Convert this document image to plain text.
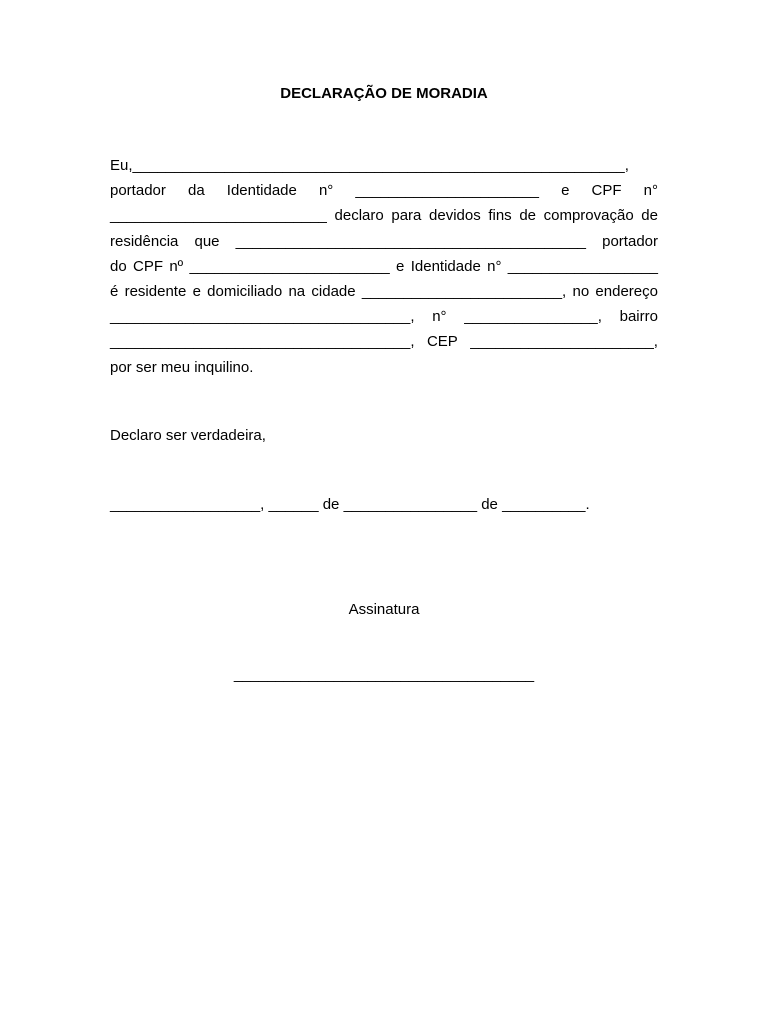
DECLARAÇÃO DE MORADIA
Eu,___________________________________________________________,
portador da Identidade n° ______________________ e CPF n°
__________________________ declaro para devidos fins de comprovação de
residência que __________________________________________ portador
do CPF nº ________________________ e Identidade n° __________________
é residente e domiciliado na cidade ________________________, no endereço
____________________________________, n° ________________, bairro
____________________________________, CEP ______________________,
por ser meu inquilino.
Declaro ser verdadeira,
__________________, ______ de ________________ de __________.
Assinatura
____________________________________
